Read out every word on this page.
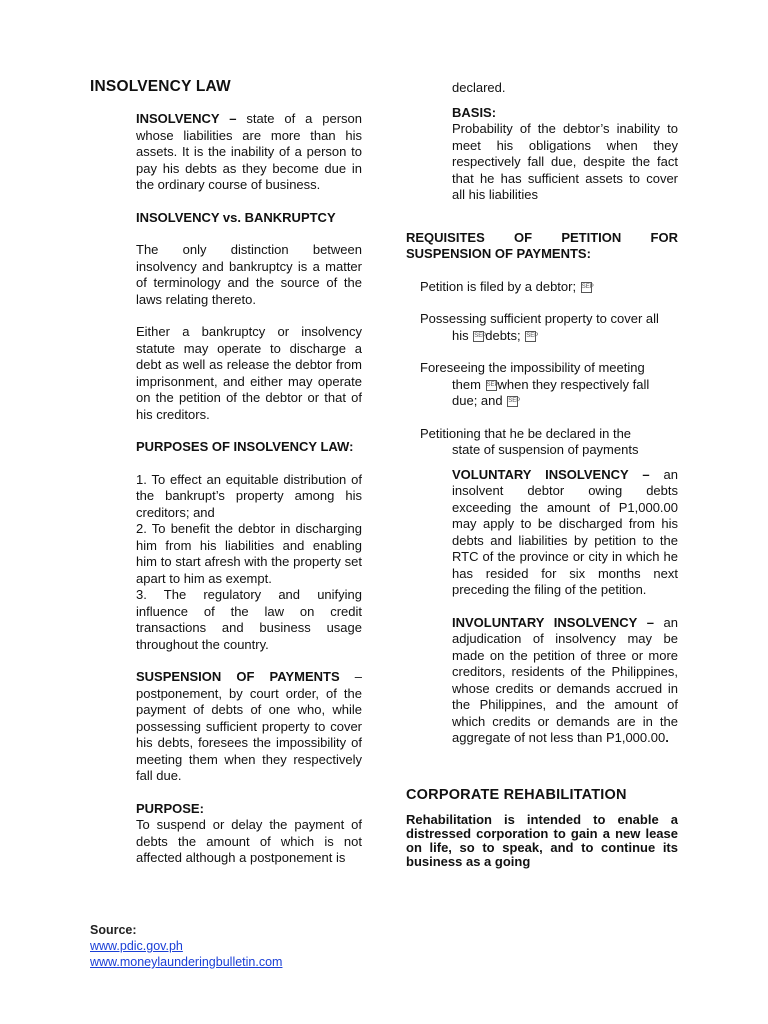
INSOLVENCY LAW

INSOLVENCY – state of a person whose liabilities are more than his assets. It is the inability of a person to pay his debts as they become due in the ordinary course of business.

INSOLVENCY vs. BANKRUPTCY

The only distinction between insolvency and bankruptcy is a matter of terminology and the source of the laws relating thereto.

Either a bankruptcy or insolvency statute may operate to discharge a debt as well as release the debtor from imprisonment, and either may operate on the petition of the debtor or that of his creditors.

PURPOSES OF INSOLVENCY LAW:

1. To effect an equitable distribution of the bankrupt’s property among his creditors; and

2. To benefit the debtor in discharging him from his liabilities and enabling him to start afresh with the property set apart to him as exempt.

3. The regulatory and unifying influence of the law on credit transactions and business usage throughout the country.

SUSPENSION OF PAYMENTS – postponement, by court order, of the payment of debts of one who, while possessing sufficient property to cover his debts, foresees the impossibility of meeting them when they respectively fall due.

PURPOSE:

To suspend or delay the payment of debts the amount of which is not affected although a postponement is

declared.

BASIS:

Probability of the debtor’s inability to meet his obligations when they respectively fall due, despite the fact that he has sufficient assets to cover all his liabilities

REQUISITES OF PETITION FOR SUSPENSION OF PAYMENTS:

Petition is filed by a debtor; SEP

Possessing sufficient property to cover all

his SEPdebts; SEP

Foreseeing the impossibility of meeting

them SEPwhen they respectively fall

due; and SEP

Petitioning that he be declared in the

state of suspension of payments

VOLUNTARY INSOLVENCY – an insolvent debtor owing debts exceeding the amount of P1,000.00 may apply to be discharged from his debts and liabilities by petition to the RTC of the province or city in which he has resided for six months next preceding the filing of the petition.

INVOLUNTARY INSOLVENCY – an adjudication of insolvency may be made on the petition of three or more creditors, residents of the Philippines, whose credits or demands accrued in the Philippines, and the amount of which credits or demands are in the aggregate of not less than P1,000.00.

CORPORATE REHABILITATION

Rehabilitation is intended to enable a distressed corporation to gain a new lease on life, so to speak, and to continue its business as a going

Source:
www.pdic.gov.ph
www.moneylaunderingbulletin.com
